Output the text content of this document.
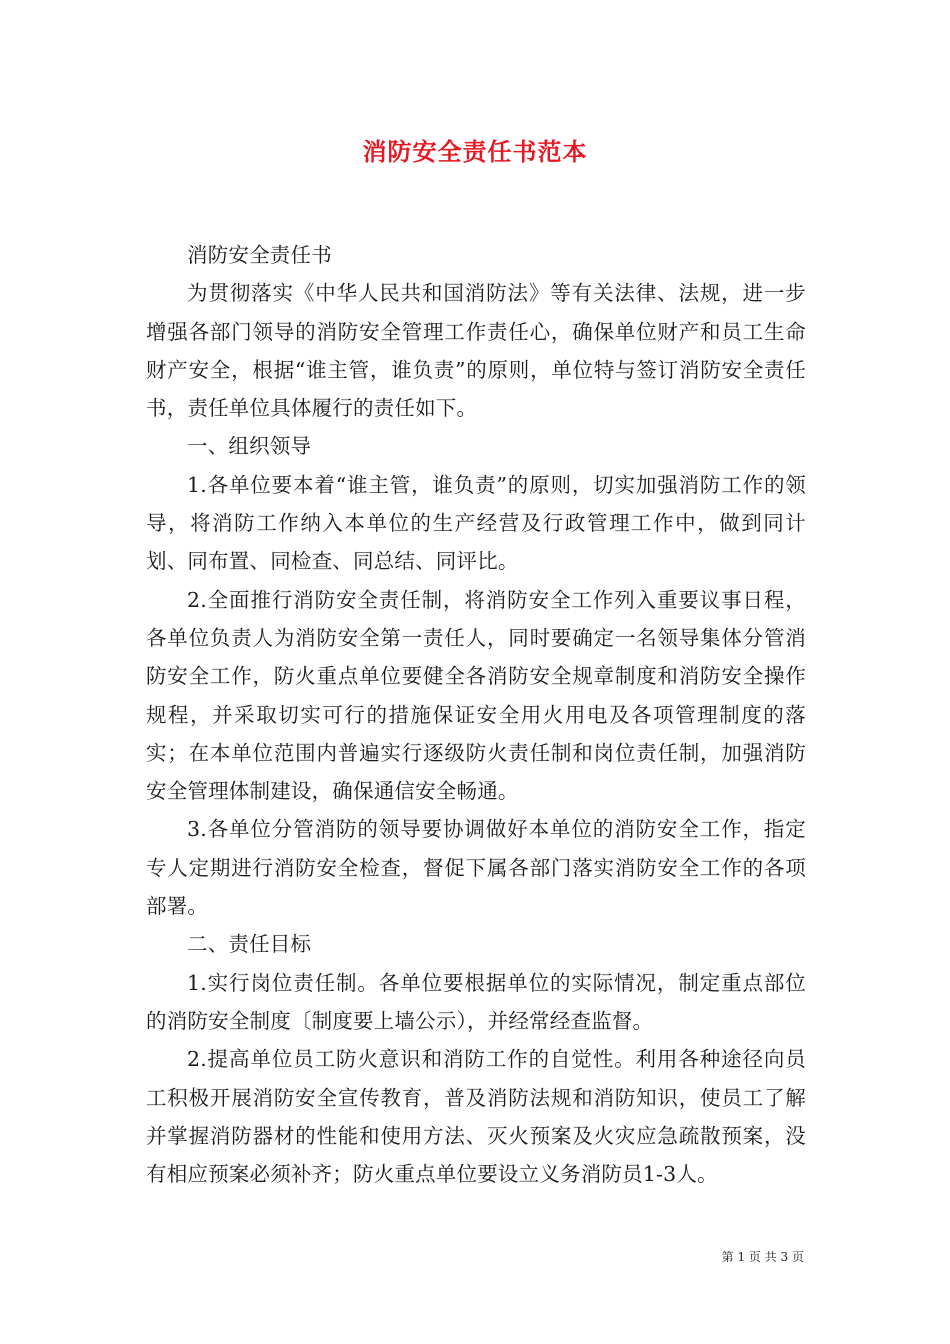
消防安全责任书范本

消防安全责任书

为贯彻落实《中华人民共和国消防法》等有关法律、法规，进一步增强各部门领导的消防安全管理工作责任心，确保单位财产和员工生命财产安全，根据“谁主管，谁负责”的原则，单位特与签订消防安全责任书，责任单位具体履行的责任如下。

一、组织领导

1.各单位要本着“谁主管，谁负责”的原则，切实加强消防工作的领导，将消防工作纳入本单位的生产经营及行政管理工作中，做到同计划、同布置、同检查、同总结、同评比。

2.全面推行消防安全责任制，将消防安全工作列入重要议事日程，各单位负责人为消防安全第一责任人，同时要确定一名领导集体分管消防安全工作，防火重点单位要健全各消防安全规章制度和消防安全操作规程，并采取切实可行的措施保证安全用火用电及各项管理制度的落实；在本单位范围内普遍实行逐级防火责任制和岗位责任制，加强消防安全管理体制建设，确保通信安全畅通。

3.各单位分管消防的领导要协调做好本单位的消防安全工作，指定专人定期进行消防安全检查，督促下属各部门落实消防安全工作的各项部署。

二、责任目标

1.实行岗位责任制。各单位要根据单位的实际情况，制定重点部位的消防安全制度〔制度要上墙公示），并经常经查监督。

2.提高单位员工防火意识和消防工作的自觉性。利用各种途径向员工积极开展消防安全宣传教育，普及消防法规和消防知识，使员工了解并掌握消防器材的性能和使用方法、灭火预案及火灾应急疏散预案，没有相应预案必须补齐；防火重点单位要设立义务消防员1-3人。

第 1 页 共 3 页
